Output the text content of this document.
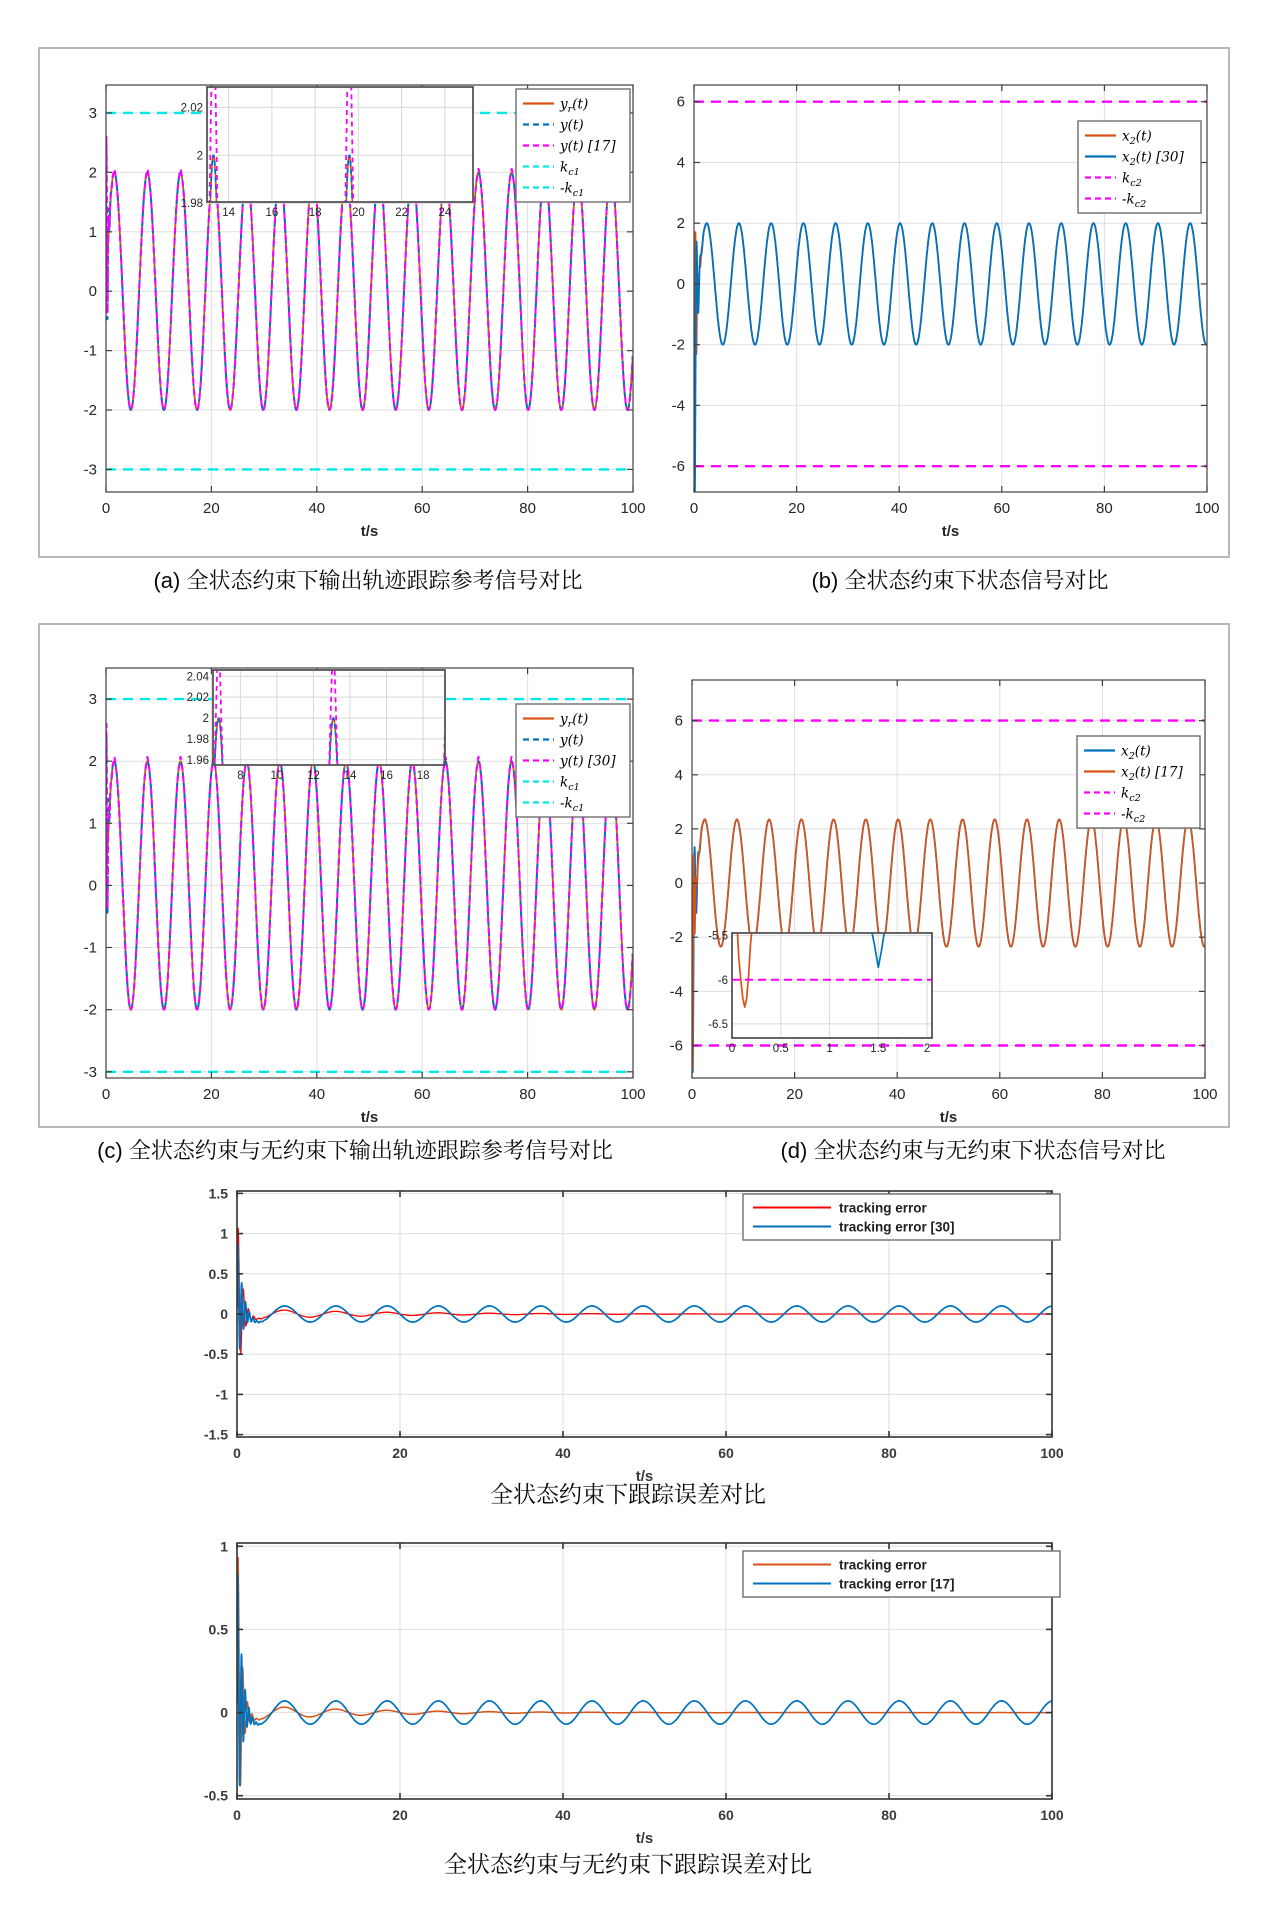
0	20	40	60	80	100
-3
-2
-1
0
1
2
3
t/s
14	16	18	20	22	24
1.98
2
2.02	$y_r(t)$
y(t)
y(t) [17]
$k_{c1}$
$-k_{c1}$
0	20	40	60	80	100
-6
-4
-2
0
2
4
6
t/s
$x_2(t)$
$x_2(t)$ [30]
$k_{c2}$
$-k_{c2}$
0	20	40	60	80	100
-3
-2
-1
0
1
2
3
t/s
8 10 12 14 16 18
1.96
1.98
2
2.02
2.04
$y_r(t)$
y(t)
y(t) [30]
$k_{c1}$
$-k_{c1}$
0	20	40	60	80	100
-6
-4
-2
0
2
4
6
t/s
0	0.5	1	1.5	2
-6.5
-6
-5.5
$x_2(t)$
$x_2(t)$ [17]
$k_{c2}$
$-k_{c2}$
0	20	40	60	80	100
-1.5
-1
-0.5
0
0.5
1
1.5
t/s
tracking error
tracking error [30]
0	20	40	60	80	100
-0.5
0
0.5
1
t/s
tracking error
tracking error [17]
(a) 全状态约束下输出轨迹跟踪参考信号对比	(b) 全状态约束下状态信号对比
(c) 全状态约束与无约束下输出轨迹跟踪参考信号对比	(d) 全状态约束与无约束下状态信号对比
全状态约束下跟踪误差对比
全状态约束与无约束下跟踪误差对比
